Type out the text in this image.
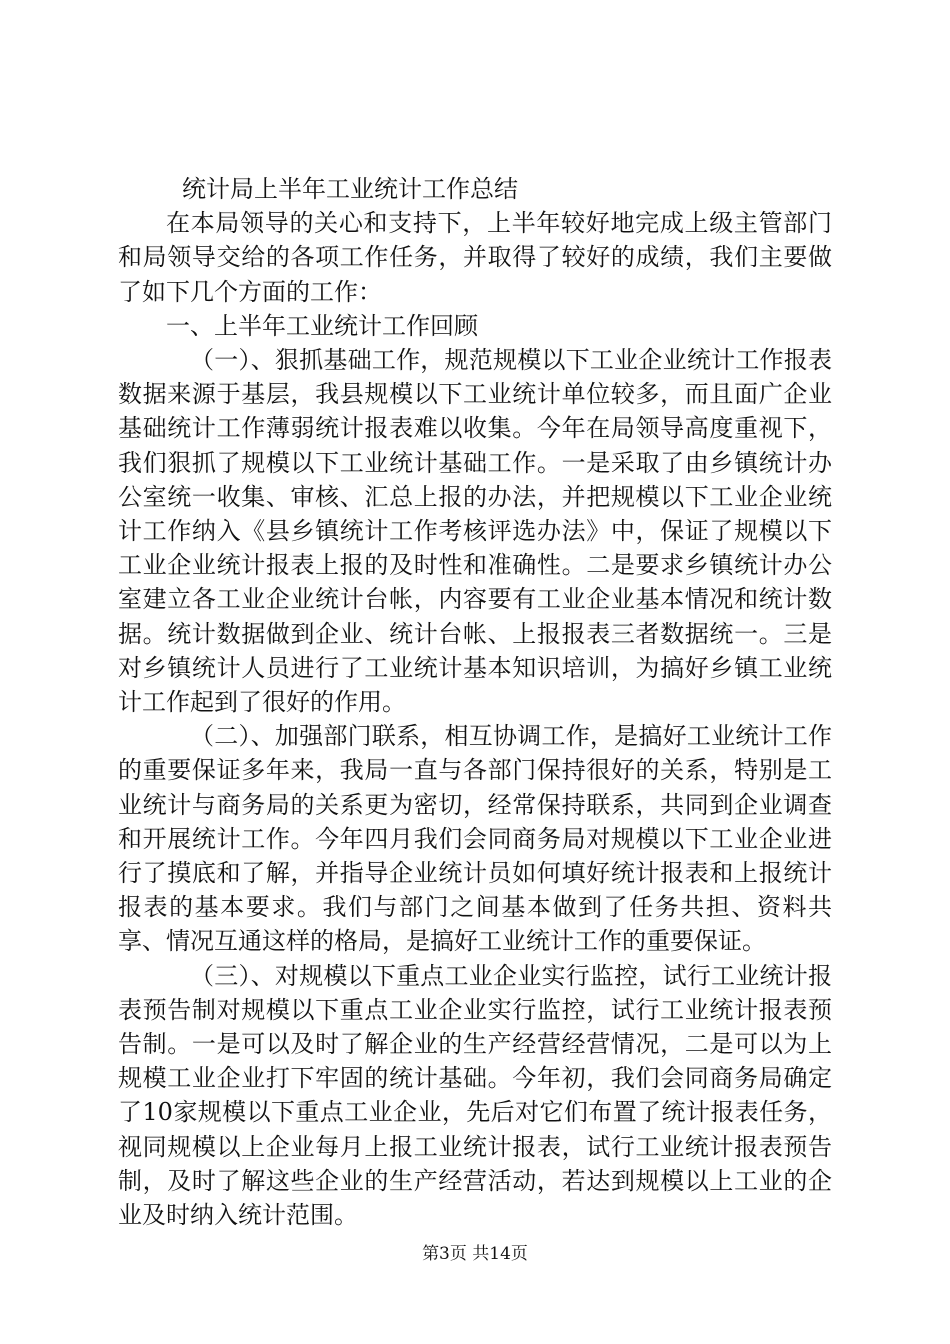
统计局上半年工业统计工作总结

在本局领导的关心和支持下，上半年较好地完成上级主管部门和局领导交给的各项工作任务，并取得了较好的成绩，我们主要做了如下几个方面的工作：

一、上半年工业统计工作回顾

（一）、狠抓基础工作，规范规模以下工业企业统计工作报表数据来源于基层，我县规模以下工业统计单位较多，而且面广企业基础统计工作薄弱统计报表难以收集。今年在局领导高度重视下，我们狠抓了规模以下工业统计基础工作。一是采取了由乡镇统计办公室统一收集、审核、汇总上报的办法，并把规模以下工业企业统计工作纳入《县乡镇统计工作考核评选办法》中，保证了规模以下工业企业统计报表上报的及时性和准确性。二是要求乡镇统计办公室建立各工业企业统计台帐，内容要有工业企业基本情况和统计数据。统计数据做到企业、统计台帐、上报报表三者数据统一。三是对乡镇统计人员进行了工业统计基本知识培训，为搞好乡镇工业统计工作起到了很好的作用。

（二）、加强部门联系，相互协调工作，是搞好工业统计工作的重要保证多年来，我局一直与各部门保持很好的关系，特别是工业统计与商务局的关系更为密切，经常保持联系，共同到企业调查和开展统计工作。今年四月我们会同商务局对规模以下工业企业进行了摸底和了解，并指导企业统计员如何填好统计报表和上报统计报表的基本要求。我们与部门之间基本做到了任务共担、资料共享、情况互通这样的格局，是搞好工业统计工作的重要保证。

（三）、对规模以下重点工业企业实行监控，试行工业统计报表预告制对规模以下重点工业企业实行监控，试行工业统计报表预告制。一是可以及时了解企业的生产经营经营情况，二是可以为上规模工业企业打下牢固的统计基础。今年初，我们会同商务局确定了10家规模以下重点工业企业，先后对它们布置了统计报表任务，视同规模以上企业每月上报工业统计报表，试行工业统计报表预告制，及时了解这些企业的生产经营活动，若达到规模以上工业的企业及时纳入统计范围。

第3页 共14页
